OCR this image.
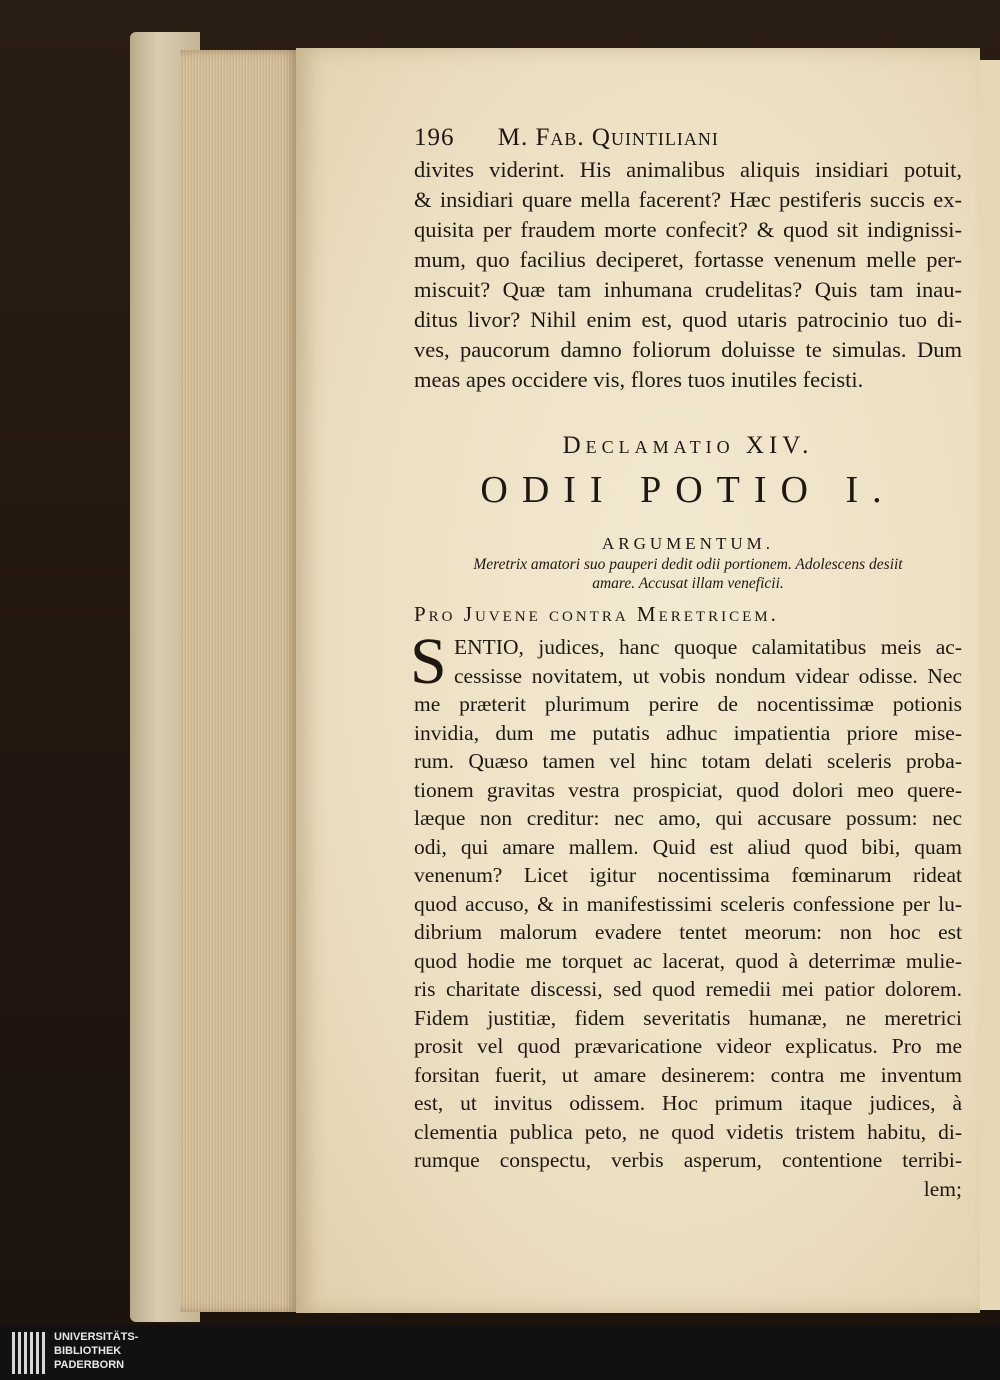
196 M. Fab. Quintiliani
divites viderint. His animalibus aliquis insidiari potuit,
& insidiari quare mella facerent? Hæc pestiferis succis ex-
quisita per fraudem morte confecit? & quod sit indignissi-
mum, quo facilius deciperet, fortasse venenum melle per-
miscuit? Quæ tam inhumana crudelitas? Quis tam inau-
ditus livor? Nihil enim est, quod utaris patrocinio tuo di-
ves, paucorum damno foliorum doluisse te simulas. Dum
meas apes occidere vis, flores tuos inutiles fecisti.
Declamatio XIV.
ODII POTIO I.
ARGUMENTUM.
Meretrix amatori suo pauperi dedit odii portionem. Adolescens desiit
amare. Accusat illam veneficii.
Pro Juvene contra Meretricem.
S ENTIO, judices, hanc quoque calamitatibus meis ac-
cessisse novitatem, ut vobis nondum videar odisse. Nec
me præterit plurimum perire de nocentissimæ potionis
invidia, dum me putatis adhuc impatientia priore mise-
rum. Quæso tamen vel hinc totam delati sceleris proba-
tionem gravitas vestra prospiciat, quod dolori meo quere-
læque non creditur: nec amo, qui accusare possum: nec
odi, qui amare mallem. Quid est aliud quod bibi, quam
venenum? Licet igitur nocentissima fœminarum rideat
quod accuso, & in manifestissimi sceleris confessione per lu-
dibrium malorum evadere tentet meorum: non hoc est
quod hodie me torquet ac lacerat, quod à deterrimæ mulie-
ris charitate discessi, sed quod remedii mei patior dolorem.
Fidem justitiæ, fidem severitatis humanæ, ne meretrici
prosit vel quod prævaricatione videor explicatus. Pro me
forsitan fuerit, ut amare desinerem: contra me inventum
est, ut invitus odissem. Hoc primum itaque judices, à
clementia publica peto, ne quod videtis tristem habitu, di-
rumque conspectu, verbis asperum, contentione terribi-
lem;
UNIVERSITÄTS-
BIBLIOTHEK
PADERBORN
